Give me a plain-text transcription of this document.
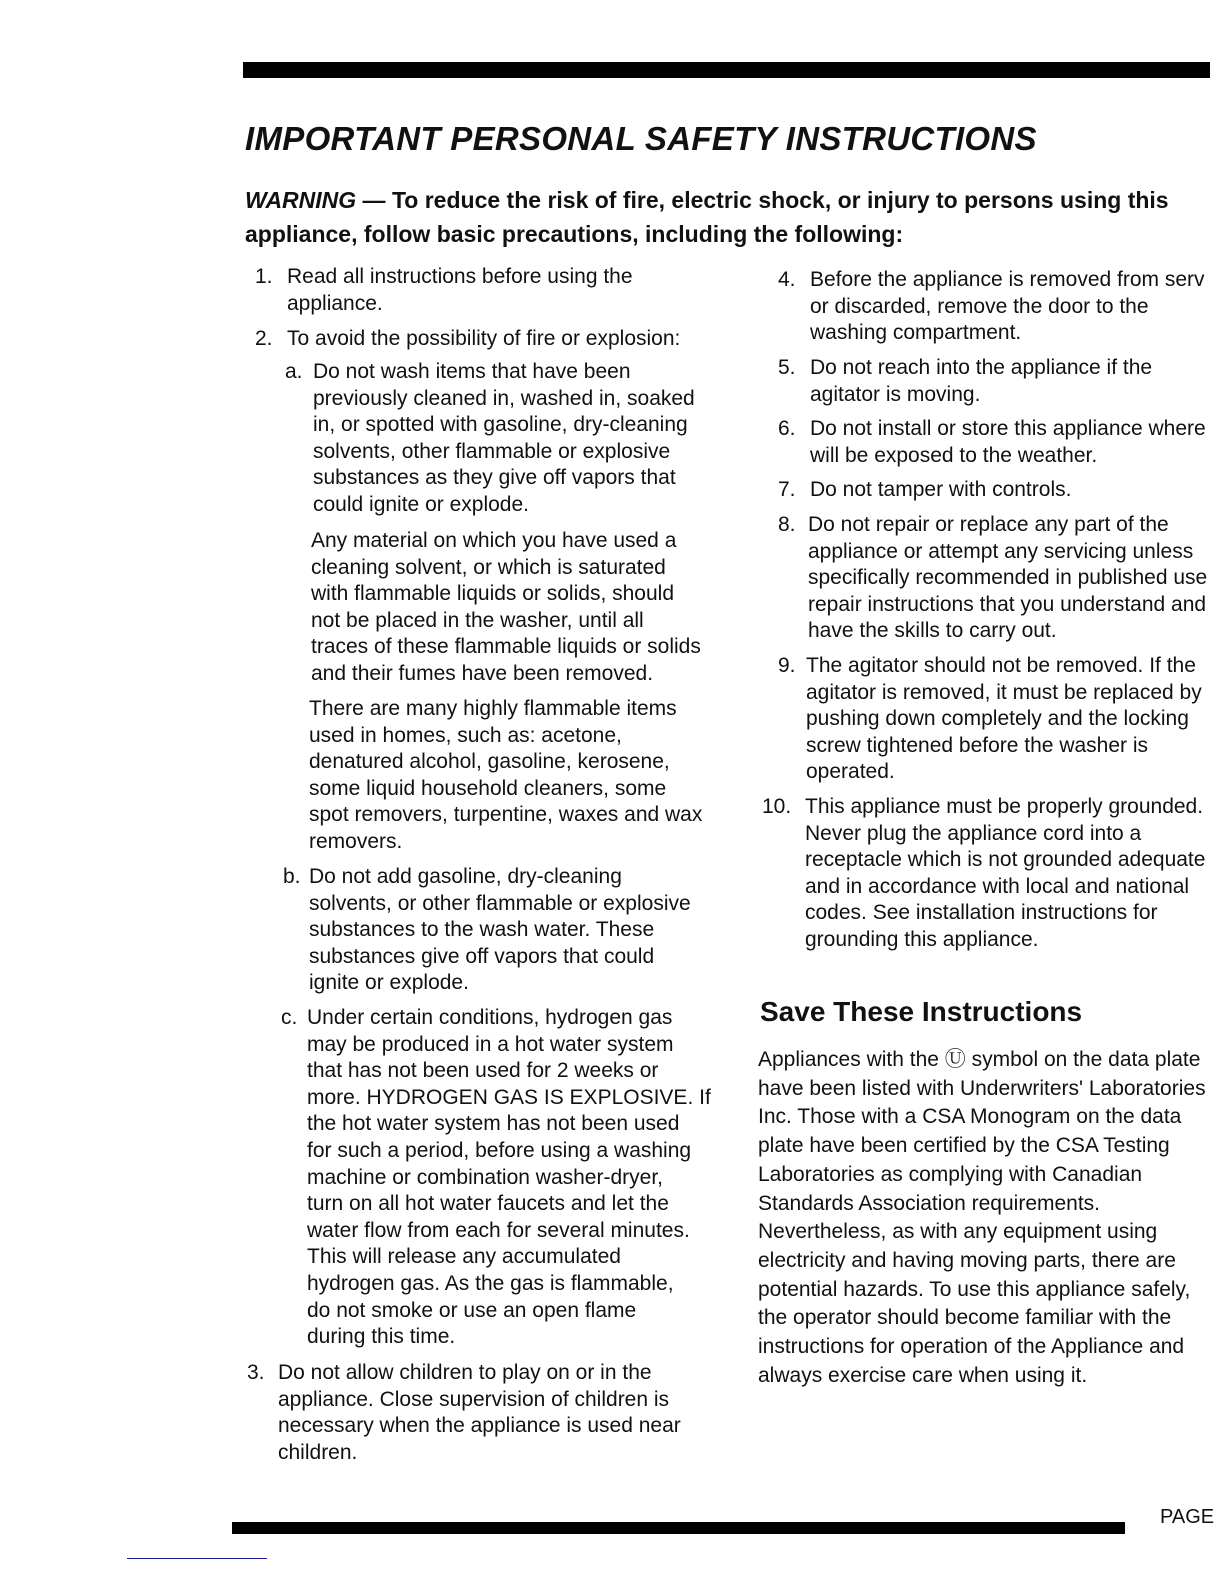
IMPORTANT PERSONAL SAFETY INSTRUCTIONS
WARNING — To reduce the risk of fire, electric shock, or injury to persons using this
appliance, follow basic precautions, including the following:
1. Read all instructions before using the
appliance.
2. To avoid the possibility of fire or explosion:
a. Do not wash items that have been
previously cleaned in, washed in, soaked
in, or spotted with gasoline, dry-cleaning
solvents, other flammable or explosive
substances as they give off vapors that
could ignite or explode.
Any material on which you have used a
cleaning solvent, or which is saturated
with flammable liquids or solids, should
not be placed in the washer, until all
traces of these flammable liquids or solids
and their fumes have been removed.
There are many highly flammable items
used in homes, such as: acetone,
denatured alcohol, gasoline, kerosene,
some liquid household cleaners, some
spot removers, turpentine, waxes and wax
removers.
b. Do not add gasoline, dry-cleaning
solvents, or other flammable or explosive
substances to the wash water. These
substances give off vapors that could
ignite or explode.
c. Under certain conditions, hydrogen gas
may be produced in a hot water system
that has not been used for 2 weeks or
more. HYDROGEN GAS IS EXPLOSIVE. If
the hot water system has not been used
for such a period, before using a washing
machine or combination washer-dryer,
turn on all hot water faucets and let the
water flow from each for several minutes.
This will release any accumulated
hydrogen gas. As the gas is flammable,
do not smoke or use an open flame
during this time.
3. Do not allow children to play on or in the
appliance. Close supervision of children is
necessary when the appliance is used near
children.
4. Before the appliance is removed from serv
or discarded, remove the door to the
washing compartment.
5. Do not reach into the appliance if the
agitator is moving.
6. Do not install or store this appliance where
will be exposed to the weather.
7. Do not tamper with controls.
8. Do not repair or replace any part of the
appliance or attempt any servicing unless
specifically recommended in published use
repair instructions that you understand and
have the skills to carry out.
9. The agitator should not be removed. If the
agitator is removed, it must be replaced by
pushing down completely and the locking
screw tightened before the washer is
operated.
10. This appliance must be properly grounded.
Never plug the appliance cord into a
receptacle which is not grounded adequate
and in accordance with local and national
codes. See installation instructions for
grounding this appliance.
Save These Instructions
Appliances with the Ⓤ symbol on the data plate
have been listed with Underwriters' Laboratories
Inc. Those with a CSA Monogram on the data
plate have been certified by the CSA Testing
Laboratories as complying with Canadian
Standards Association requirements.
Nevertheless, as with any equipment using
electricity and having moving parts, there are
potential hazards. To use this appliance safely,
the operator should become familiar with the
instructions for operation of the Appliance and
always exercise care when using it.
PAGE
